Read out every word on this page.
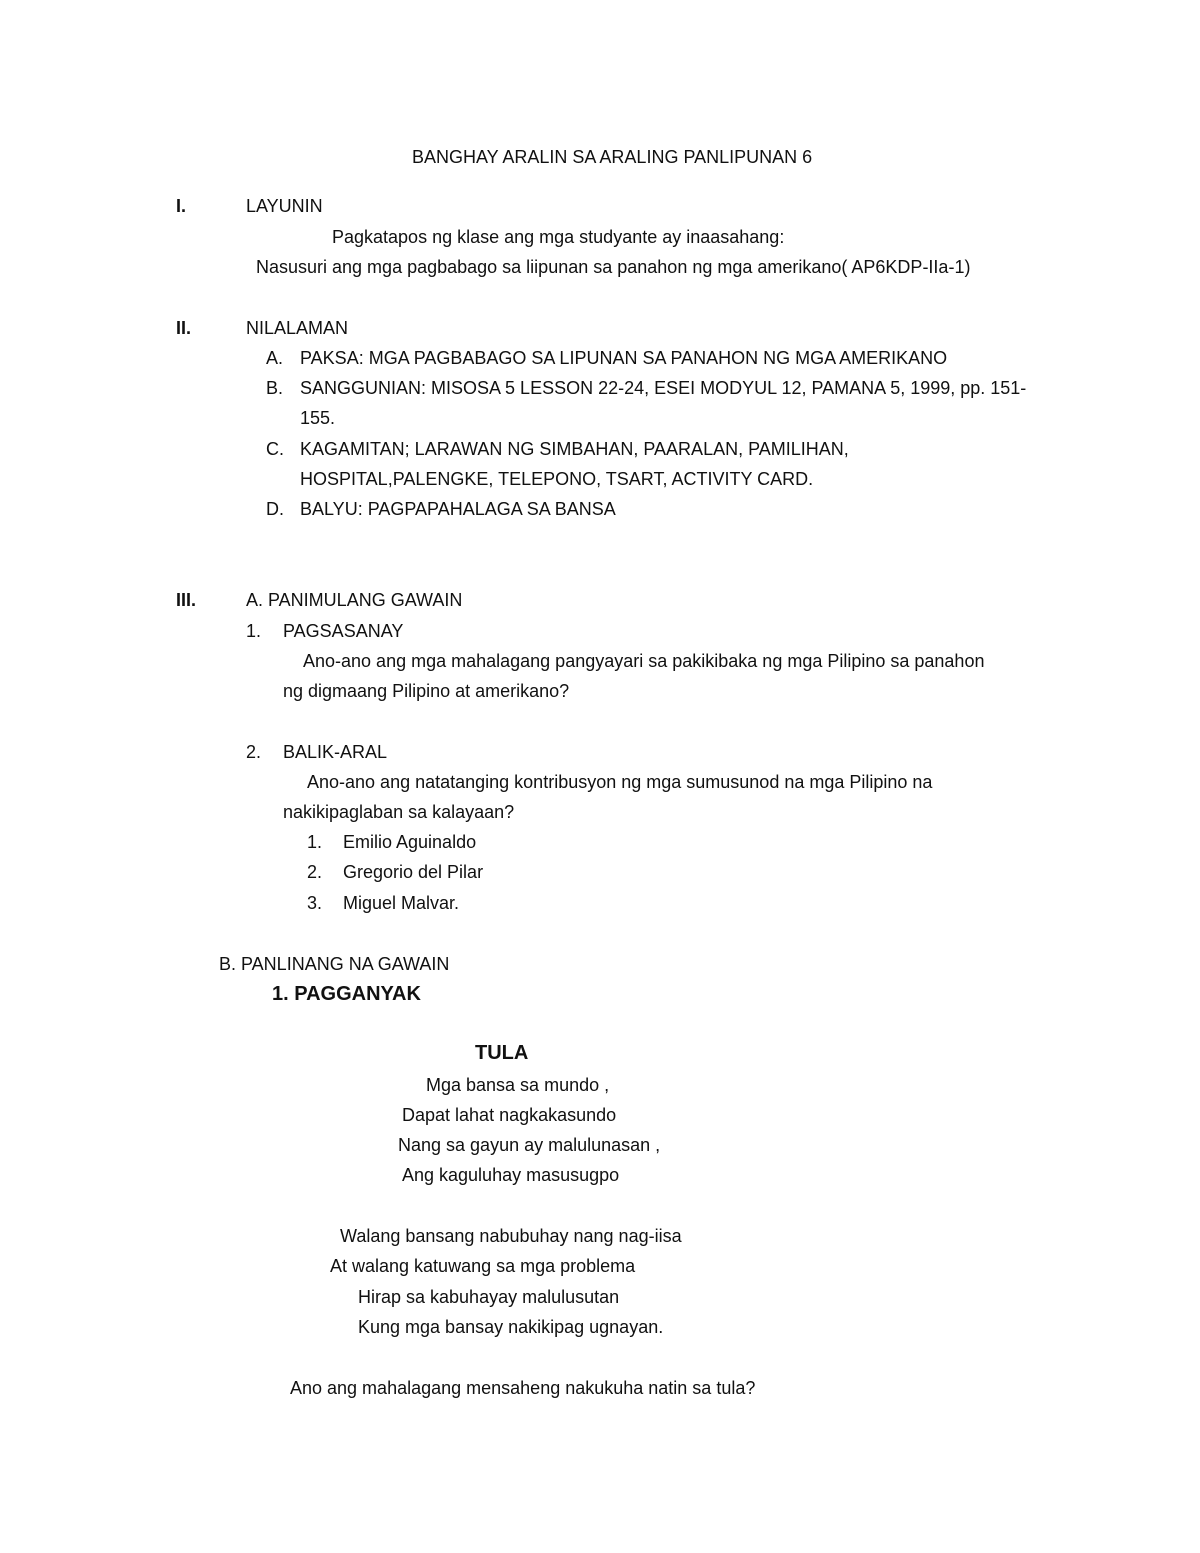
BANGHAY ARALIN SA ARALING PANLIPUNAN 6
I.	LAYUNIN
Pagkatapos ng klase ang mga studyante ay inaasahang:
Nasusuri ang mga pagbabago sa liipunan sa panahon ng mga amerikano( AP6KDP-IIa-1)
II.	NILALAMAN
A. PAKSA: MGA PAGBABAGO SA LIPUNAN SA PANAHON NG MGA AMERIKANO
B. SANGGUNIAN: MISOSA 5 LESSON 22-24, ESEI MODYUL 12, PAMANA 5, 1999, pp. 151-
155.
C. KAGAMITAN; LARAWAN NG SIMBAHAN, PAARALAN, PAMILIHAN,
HOSPITAL,PALENGKE, TELEPONO, TSART, ACTIVITY CARD.
D. BALYU: PAGPAPAHALAGA SA BANSA
III.	A. PANIMULANG GAWAIN
1. PAGSASANAY
Ano-ano ang mga mahalagang pangyayari sa pakikibaka ng mga Pilipino sa panahon
ng digmaang Pilipino at amerikano?
2. BALIK-ARAL
Ano-ano ang natatanging kontribusyon ng mga sumusunod na mga Pilipino na
nakikipaglaban sa kalayaan?
1. Emilio Aguinaldo
2. Gregorio del Pilar
3. Miguel Malvar.
B. PANLINANG NA GAWAIN
1. PAGGANYAK
TULA
Mga bansa sa mundo ,
Dapat lahat nagkakasundo
Nang sa gayun ay malulunasan ,
Ang kaguluhay masusugpo
Walang bansang nabubuhay nang nag-iisa
At walang katuwang sa mga problema
Hirap sa kabuhayay malulusutan
Kung mga bansay nakikipag ugnayan.
Ano ang mahalagang mensaheng nakukuha natin sa tula?
